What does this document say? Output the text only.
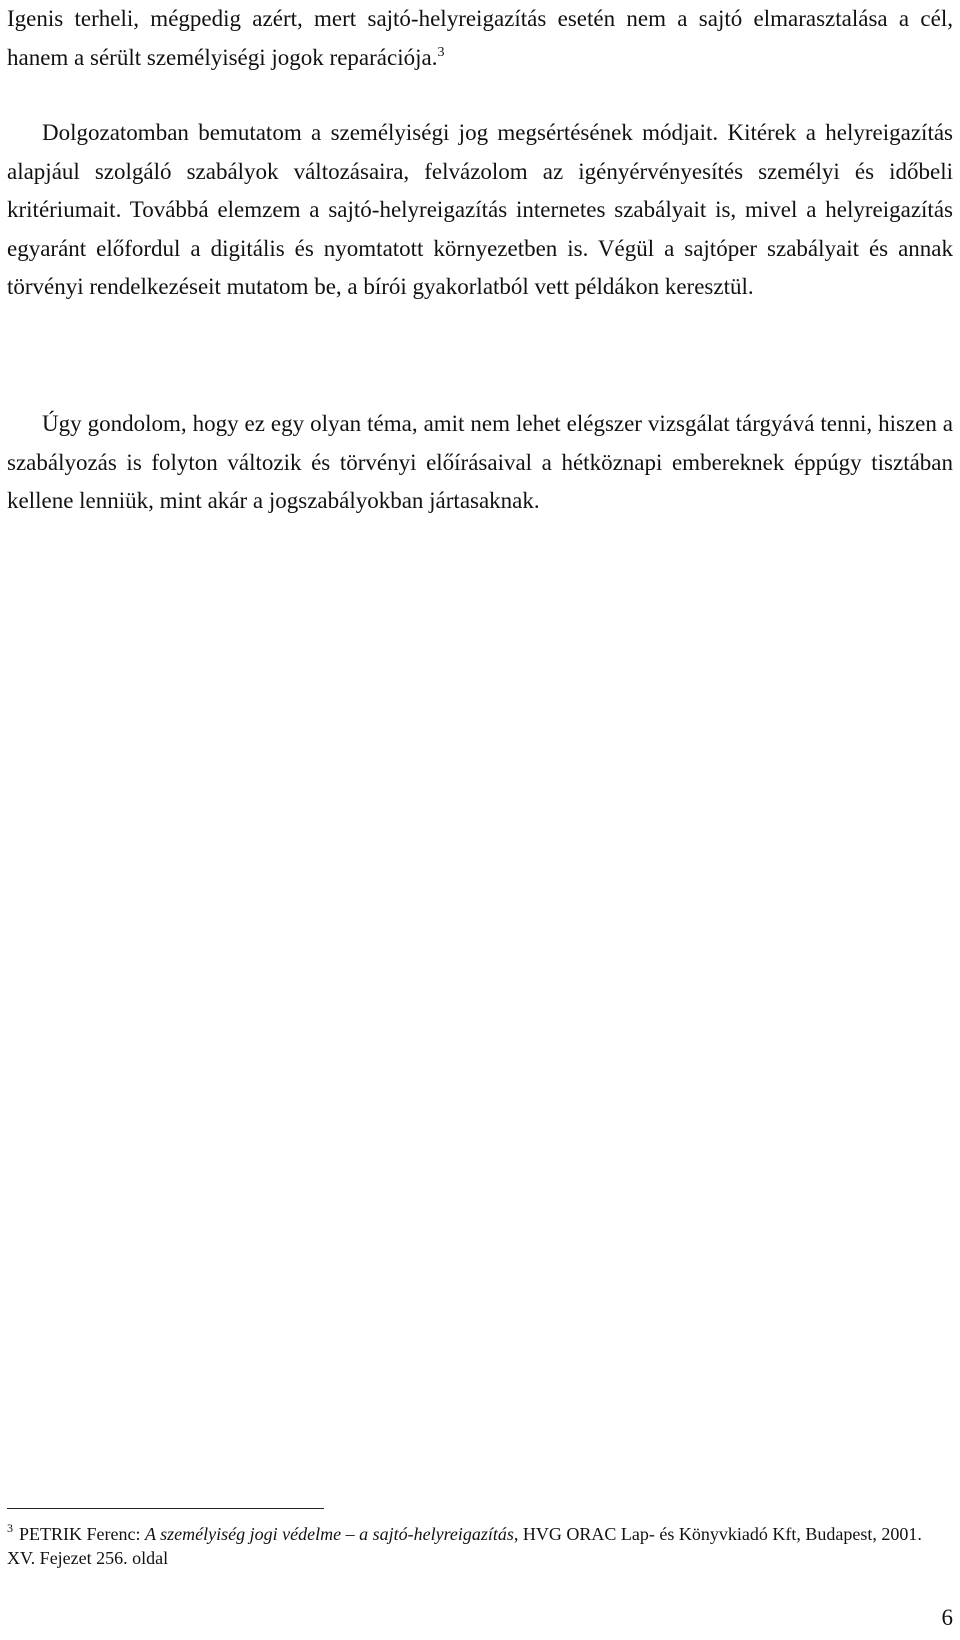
Igenis terheli, mégpedig azért, mert sajtó-helyreigazítás esetén nem a sajtó elmarasztalása a cél, hanem a sérült személyiségi jogok reparációja.$^3$

Dolgozatomban bemutatom a személyiségi jog megsértésének módjait. Kitérek a helyreigazítás alapjául szolgáló szabályok változásaira, felvázolom az igényérvényesítés személyi és időbeli kritériumait. Továbbá elemzem a sajtó-helyreigazítás internetes szabályait is, mivel a helyreigazítás egyaránt előfordul a digitális és nyomtatott környezetben is. Végül a sajtóper szabályait és annak törvényi rendelkezéseit mutatom be, a bírói gyakorlatból vett példákon keresztül.

Úgy gondolom, hogy ez egy olyan téma, amit nem lehet elégszer vizsgálat tárgyává tenni, hiszen a szabályozás is folyton változik és törvényi előírásaival a hétköznapi embereknek éppúgy tisztában kellene lenniük, mint akár a jogszabályokban jártasaknak.

$^3$ PETRIK Ferenc: A személyiség jogi védelme – a sajtó-helyreigazítás, HVG ORAC Lap- és Könyvkiadó Kft, Budapest, 2001. XV. Fejezet 256. oldal
6
